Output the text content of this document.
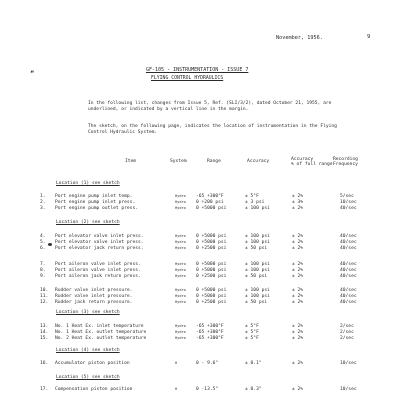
November, 1956.	9
☙	GF-105 - INSTRUMENTATION - ISSUE 7
FLYING CONTROL HYDRAULICS
In the following list, changes from Issue 5, Ref. (SLI/3/2), dated October 21, 1955, are underlined, or indicated by a vertical line in the margin.
The sketch, on the following page, indicates the location of instrumentation in the Flying Control Hydraulic System.
Item	System	Range	Accuracy	Accuracy
% of full range
Recording
Frequency
Location (1) see sketch
1. Port engine pump inlet temp.	Hydro -65 +300°F	± 5°F	± 2%	5/sec
2. Port engine pump inlet press.	Hydro 0 +200 psi	± 3 psi	± 3%	10/sec
3. Port engine pump outlet press.	Hydro 0 +5000 psi	± 100 psi	± 2%	40/sec
Location (2) see sketch
4. Port elevator valve inlet press.	Hydro 0 +5000 psi	± 100 psi	± 2%	40/sec
5. Port elevator valve inlet press.	Hydro 0 +5000 psi	± 100 psi	± 2%	40/sec
6. Port elevator jack return press.	Hydro 0 +2500 psi	± 50 psi	± 2%	40/sec
7. Port aileron valve inlet press.	Hydro 0 +5000 psi	± 100 psi	± 2%	40/sec
8. Port aileron valve inlet press.	Hydro 0 +5000 psi	± 100 psi	± 2%	40/sec
9. Port aileron jack return press.	Hydro 0 +2500 psi	± 50 psi	± 2%	40/sec
10. Rudder valve inlet pressure.	Hydro 0 +5000 psi	± 100 psi	± 2%	40/sec
11. Rudder valve inlet pressure.	Hydro 0 +5000 psi	± 100 psi	± 2%	40/sec
12. Rudder jack return pressure.	Hydro 0 +2500 psi	± 50 psi	± 2%	40/sec
Location (3) see sketch
13. No. 1 Heat Ex. inlet temperature	Hydro -65 +300°F	± 5°F	± 2%	2/sec
14. No. 1 Heat Ex. outlet temperature	Hydro -65 +300°F	± 5°F	± 2%	2/sec
15. No. 2 Heat Ex. outlet temperature	Hydro -65 +300°F	± 5°F	± 2%	2/sec
Location (4) see sketch
16. Accumulator piston position	H	0 - 9.6"	± 0.1"	± 2%	10/sec
Location (5) see sketch
17. Compensation piston position	H	0 -13.5"	± 0.3"	± 2%	10/sec
